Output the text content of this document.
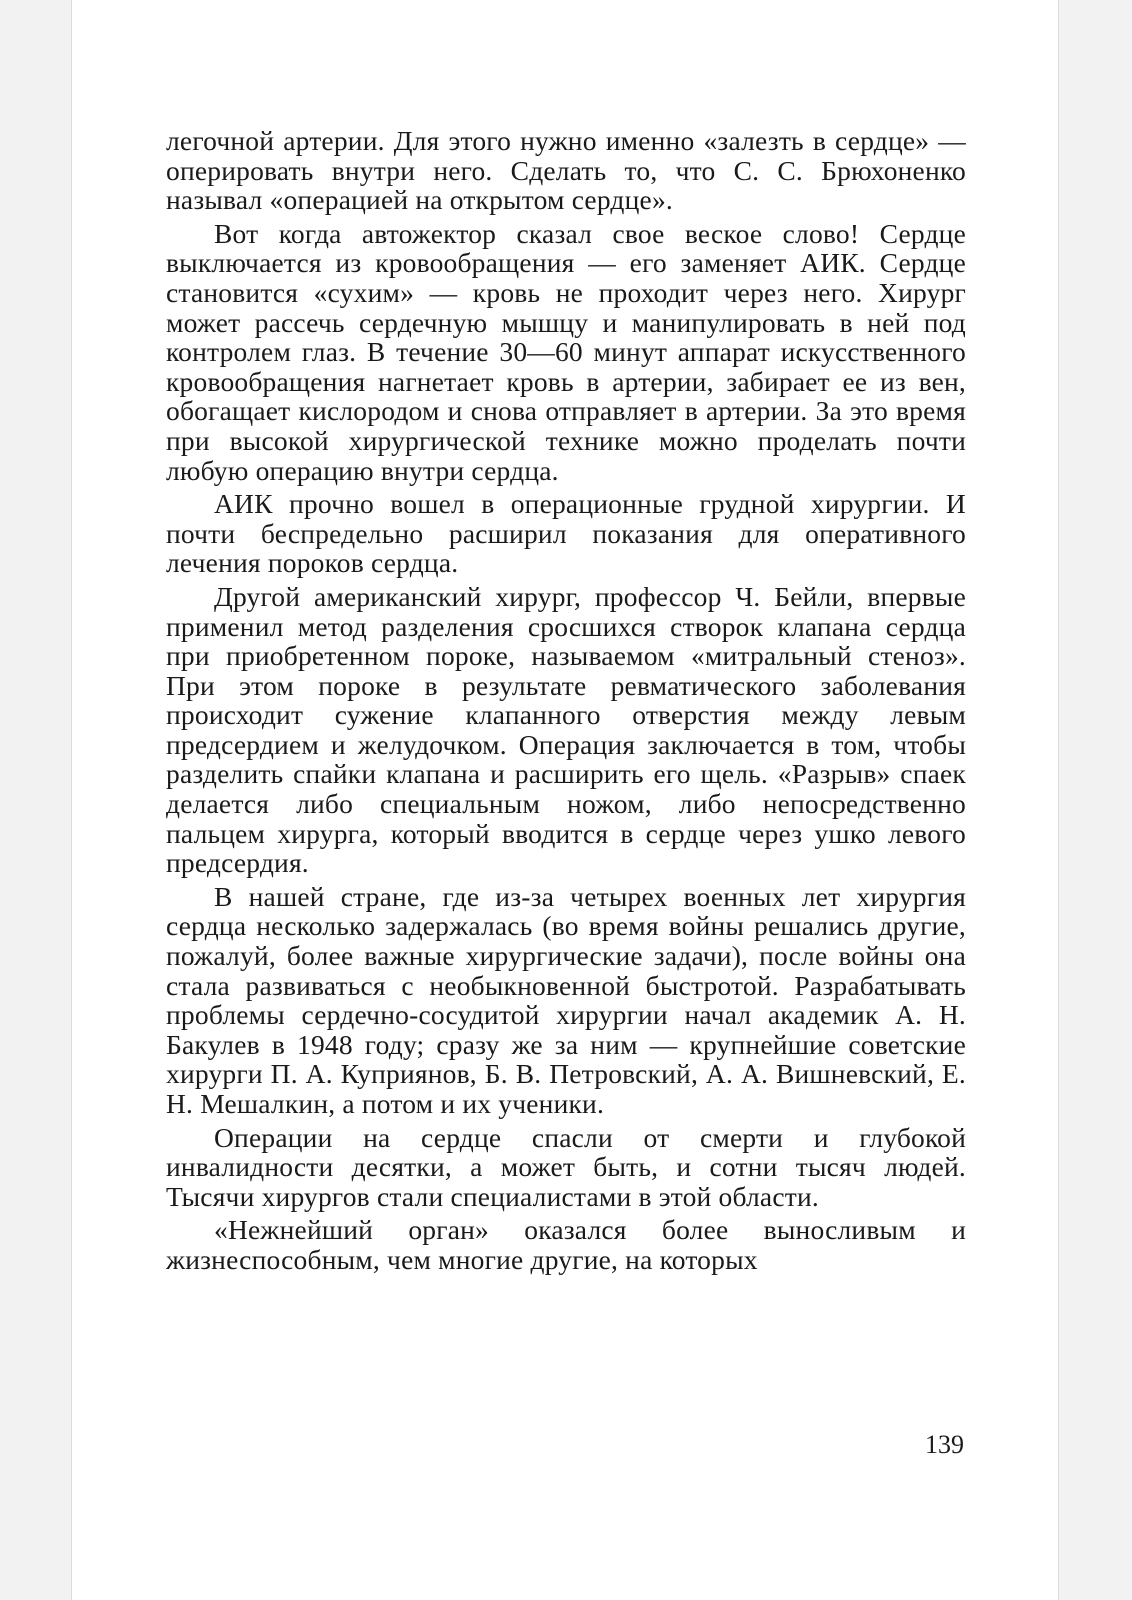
легочной артерии. Для этого нужно именно «залезть в сердце» — оперировать внутри него. Сделать то, что С. С. Брюхоненко называл «операцией на открытом сердце».

Вот когда автожектор сказал свое веское слово! Сердце выключается из кровообращения — его заменяет АИК. Сердце становится «сухим» — кровь не проходит через него. Хирург может рассечь сердечную мышцу и манипулировать в ней под контролем глаз. В течение 30—60 минут аппарат искусственного кровообращения нагнетает кровь в артерии, забирает ее из вен, обогащает кислородом и снова отправляет в артерии. За это время при высокой хирургической технике можно проделать почти любую операцию внутри сердца.

АИК прочно вошел в операционные грудной хирургии. И почти беспредельно расширил показания для оперативного лечения пороков сердца.

Другой американский хирург, профессор Ч. Бейли, впервые применил метод разделения сросшихся створок клапана сердца при приобретенном пороке, называемом «митральный стеноз». При этом пороке в результате ревматического заболевания происходит сужение клапанного отверстия между левым предсердием и желудочком. Операция заключается в том, чтобы разделить спайки клапана и расширить его щель. «Разрыв» спаек делается либо специальным ножом, либо непосредственно пальцем хирурга, который вводится в сердце через ушко левого предсердия.

В нашей стране, где из-за четырех военных лет хирургия сердца несколько задержалась (во время войны решались другие, пожалуй, более важные хирургические задачи), после войны она стала развиваться с необыкновенной быстротой. Разрабатывать проблемы сердечно-сосудитой хирургии начал академик А. Н. Бакулев в 1948 году; сразу же за ним — крупнейшие советские хирурги П. А. Куприянов, Б. В. Петровский, А. А. Вишневский, Е. Н. Мешалкин, а потом и их ученики.

Операции на сердце спасли от смерти и глубокой инвалидности десятки, а может быть, и сотни тысяч людей. Тысячи хирургов стали специалистами в этой области.

«Нежнейший орган» оказался более выносливым и жизнеспособным, чем многие другие, на которых

139
